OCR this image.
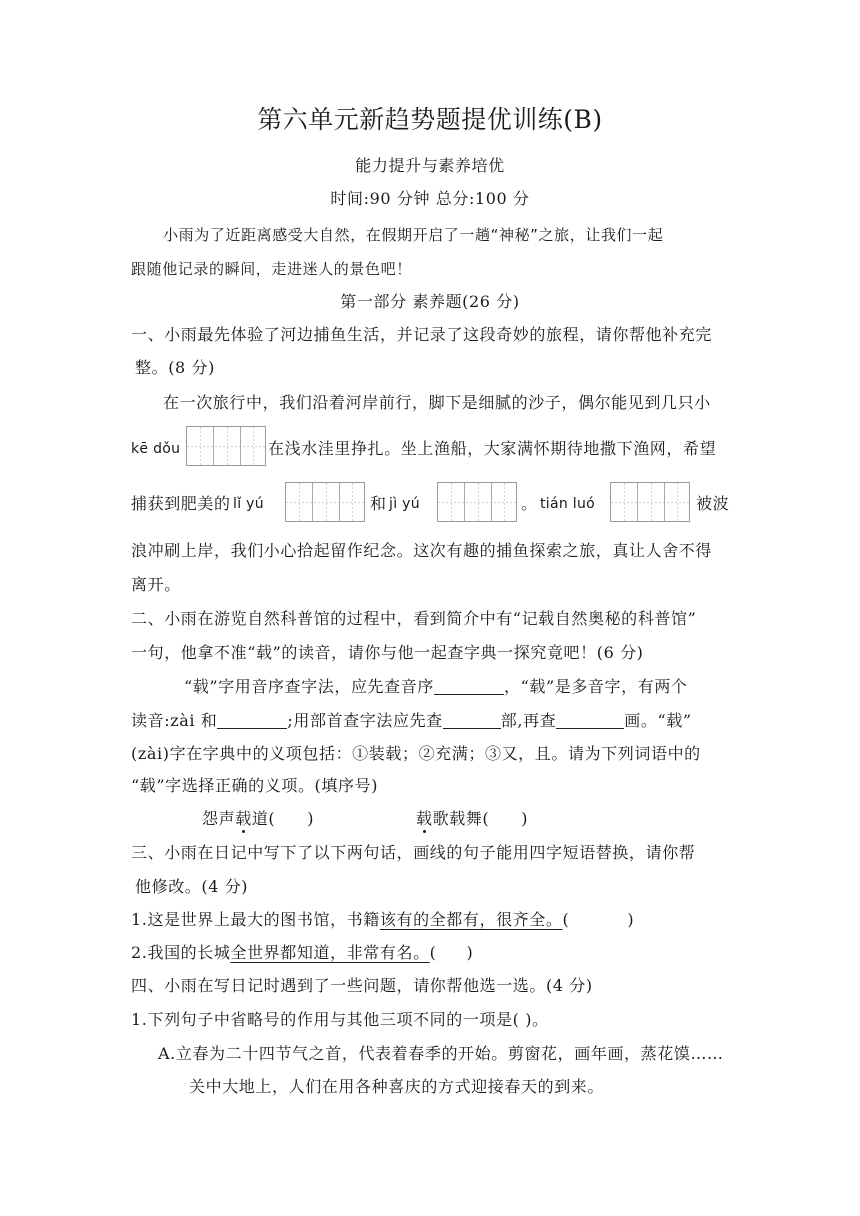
第六单元新趋势题提优训练(B)
能力提升与素养培优
时间:90 分钟 总分:100 分
小雨为了近距离感受大自然，在假期开启了一趟“神秘”之旅，让我们一起
跟随他记录的瞬间，走进迷人的景色吧！
第一部分 素养题(26 分)
一、小雨最先体验了河边捕鱼生活，并记录了这段奇妙的旅程，请你帮他补充完
整。(8 分)
在一次旅行中，我们沿着河岸前行，脚下是细腻的沙子，偶尔能见到几只小
kē dǒu	在浅水洼里挣扎。坐上渔船，大家满怀期待地撒下渔网，希望
捕获到肥美的 lǐ yú	和 jì yú	。 tián luó	被波
浪冲刷上岸，我们小心拾起留作纪念。这次有趣的捕鱼探索之旅，真让人舍不得
离开。
二、小雨在游览自然科普馆的过程中，看到简介中有“记载自然奥秘的科普馆”
一句，他拿不准“载”的读音，请你与他一起查字典一探究竟吧！(6 分)
“载”字用音序查字法，应先查音序	，“载”是多音字，有两个
读音:zài 和	;用部首查字法应先查	部,再查	画。“载”
(zài)字在字典中的义项包括：①装载；②充满；③又，且。请为下列词语中的
“载”字选择正确的义项。(填序号)
怨声载道( )	载歌载舞( )
三、小雨在日记中写下了以下两句话，画线的句子能用四字短语替换，请你帮
他修改。(4 分)
1.这是世界上最大的图书馆，书籍该有的全都有，很齐全。(	)
2.我国的长城全世界都知道，非常有名。( )
四、小雨在写日记时遇到了一些问题，请你帮他选一选。(4 分)
1.下列句子中省略号的作用与其他三项不同的一项是( )。
A.立春为二十四节气之首，代表着春季的开始。剪窗花，画年画，蒸花馍……
关中大地上，人们在用各种喜庆的方式迎接春天的到来。
